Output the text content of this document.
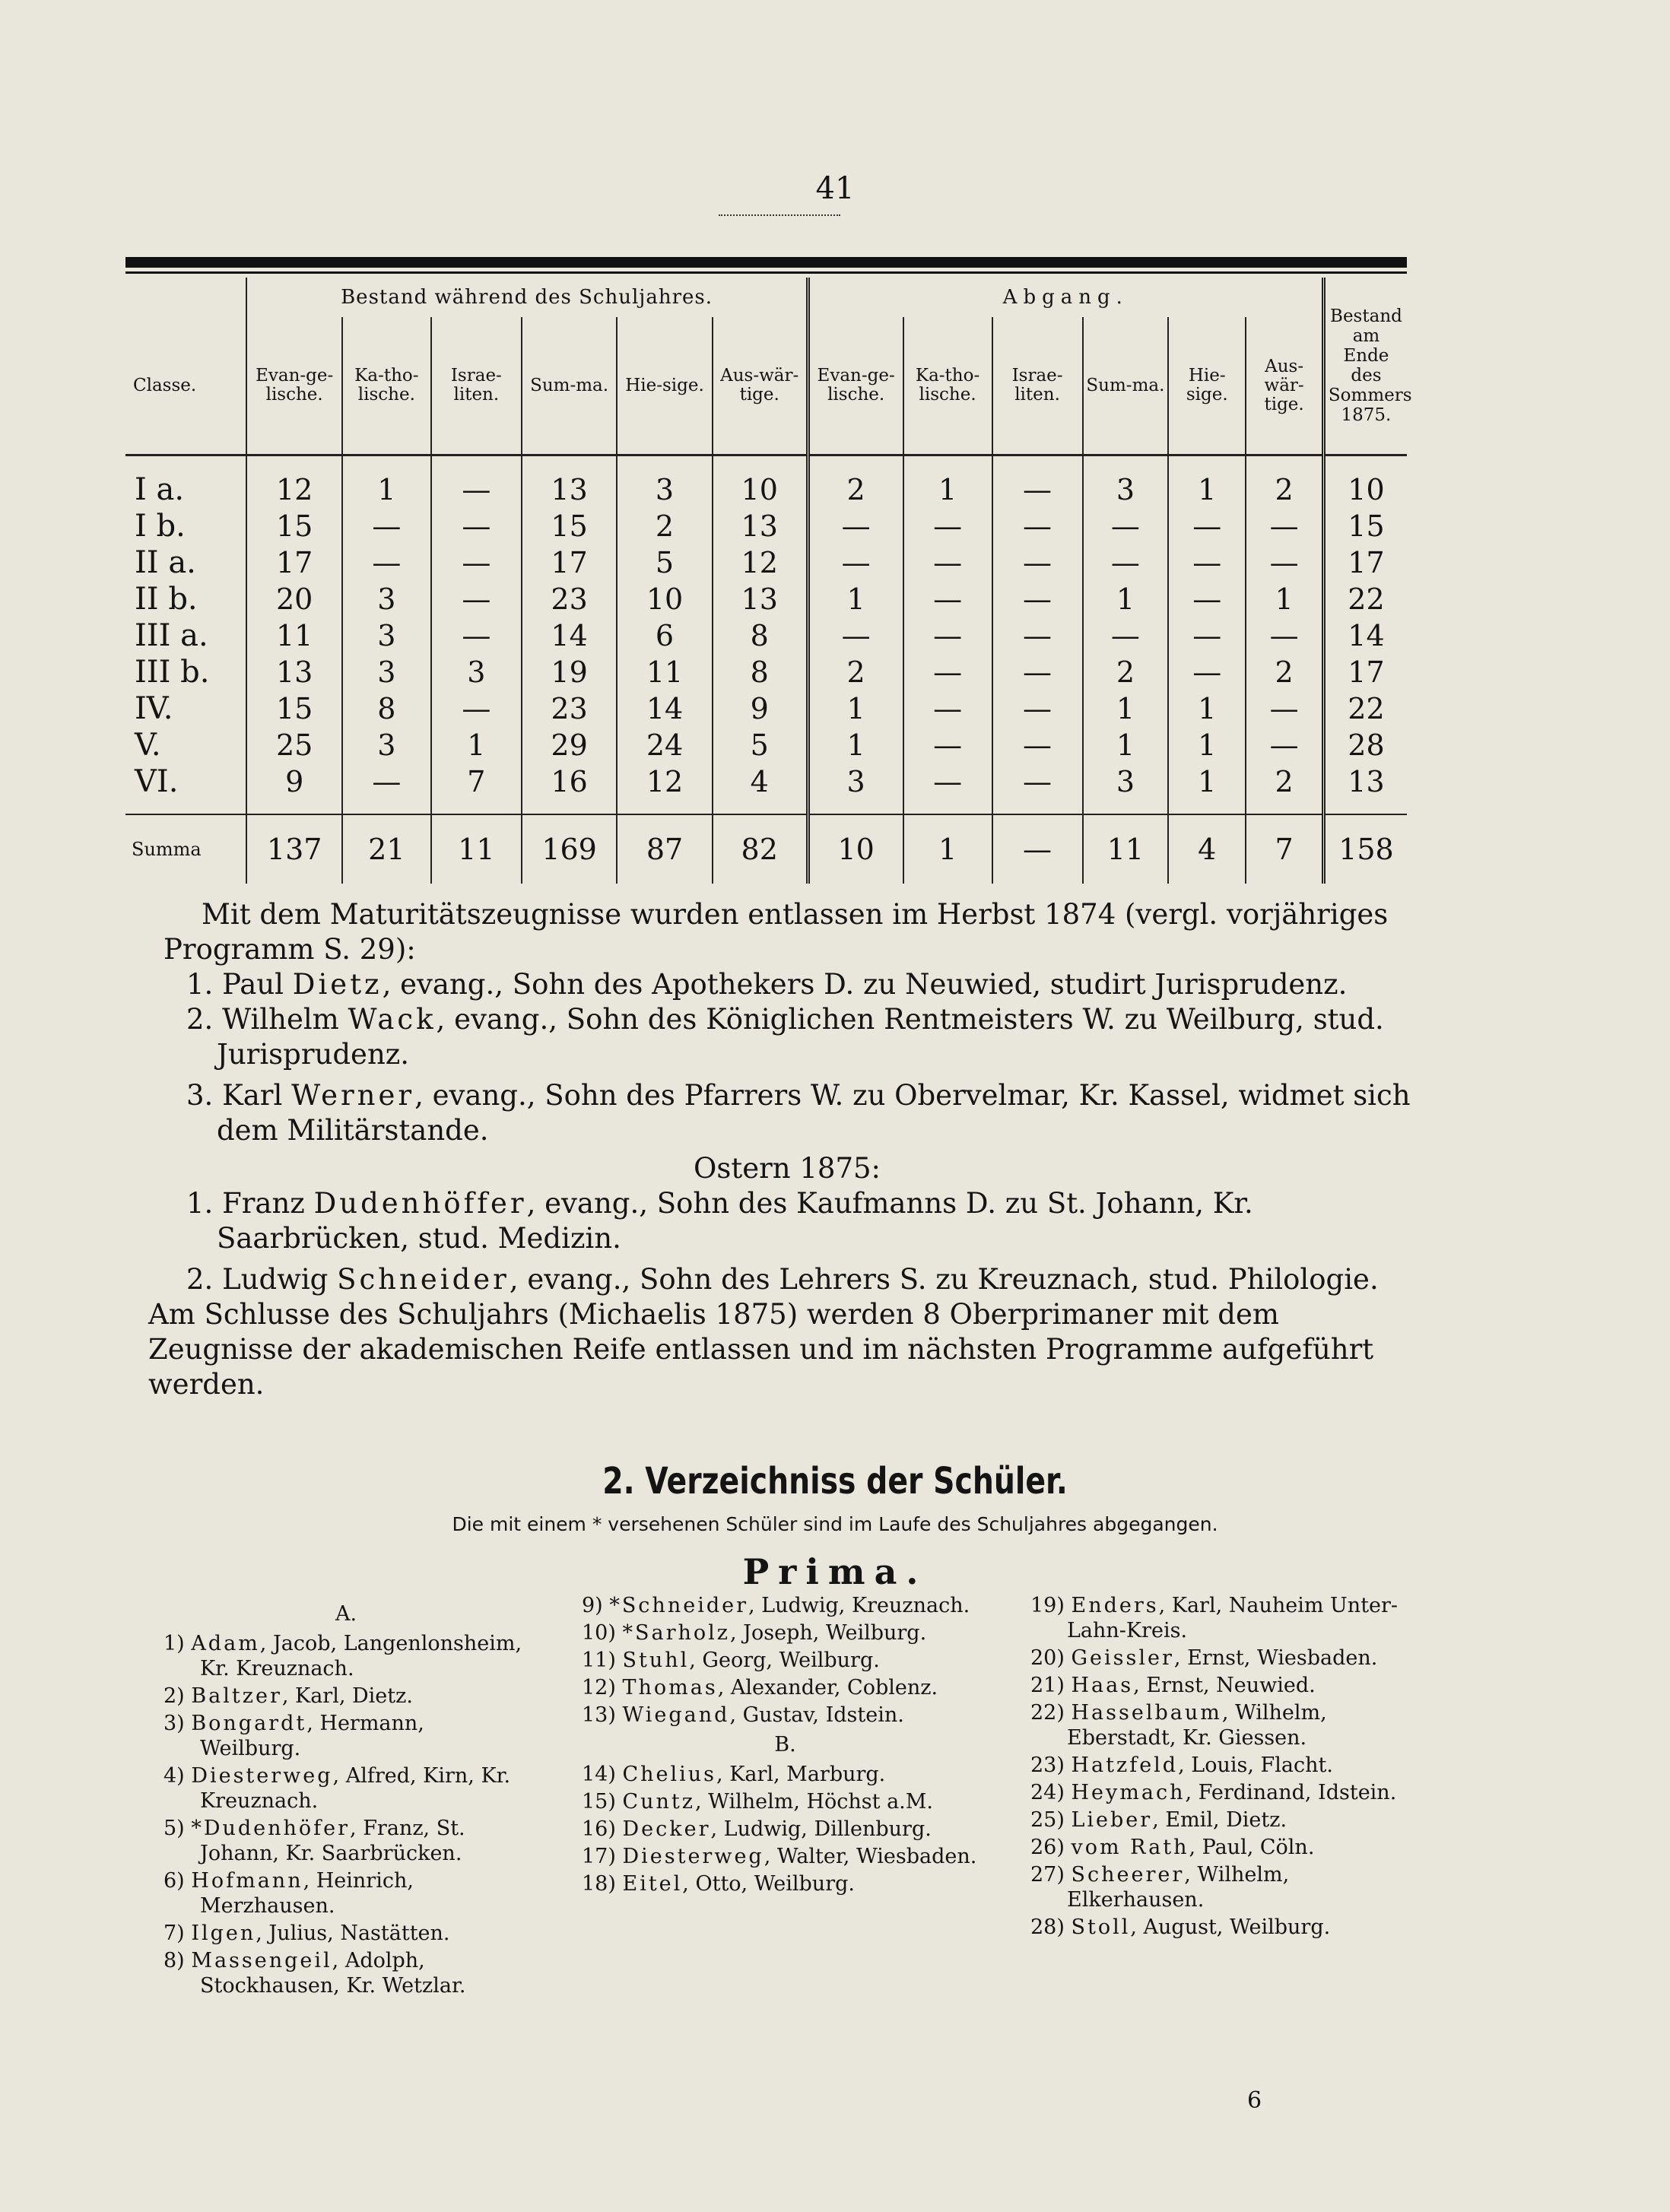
41
	Bestand während des Schuljahres.						Abgang.						Bestand am Ende des Sommers 1875.
Classe.	Evan-ge-lische.	Ka-tho-lische.	Israe-liten.	Sum-ma.	Hie-sige.	Aus-wär-tige.	Evan-ge-lische.	Ka-tho-lische.	Israe-liten.	Sum-ma.	Hie-sige.	Aus-wär-tige.	
I a.	12	1	—	13	3	10	2	1	—	3	1	2	10
I b.	15	—	—	15	2	13	—	—	—	—	—	—	15
II a.	17	—	—	17	5	12	—	—	—	—	—	—	17
II b.	20	3	—	23	10	13	1	—	—	1	—	1	22
III a.	11	3	—	14	6	8	—	—	—	—	—	—	14
III b.	13	3	3	19	11	8	2	—	—	2	—	2	17
IV.	15	8	—	23	14	9	1	—	—	1	1	—	22
V.	25	3	1	29	24	5	1	—	—	1	1	—	28
VI.	9	—	7	16	12	4	3	—	—	3	1	2	13
Summa	137	21	11	169	87	82	10	1	—	11	4	7	158

Mit dem Maturitätszeugnisse wurden entlassen im Herbst 1874 (vergl. vorjähriges Programm S. 29):

1. Paul Dietz, evang., Sohn des Apothekers D. zu Neuwied, studirt Jurisprudenz.

2. Wilhelm Wack, evang., Sohn des Königlichen Rentmeisters W. zu Weilburg, stud. Jurisprudenz.

3. Karl Werner, evang., Sohn des Pfarrers W. zu Obervelmar, Kr. Kassel, widmet sich dem Militärstande.

Ostern 1875:

1. Franz Dudenhöffer, evang., Sohn des Kaufmanns D. zu St. Johann, Kr. Saarbrücken, stud. Medizin.

2. Ludwig Schneider, evang., Sohn des Lehrers S. zu Kreuznach, stud. Philologie.

Am Schlusse des Schuljahrs (Michaelis 1875) werden 8 Oberprimaner mit dem Zeugnisse der akademischen Reife entlassen und im nächsten Programme aufgeführt werden.

2. Verzeichniss der Schüler.
Die mit einem * versehenen Schüler sind im Laufe des Schuljahres abgegangen.
Prima.
A.
1) Adam, Jacob, Langenlonsheim, Kr. Kreuznach.
2) Baltzer, Karl, Dietz.
3) Bongardt, Hermann, Weilburg.
4) Diesterweg, Alfred, Kirn, Kr. Kreuznach.
5) *Dudenhöfer, Franz, St. Johann, Kr. Saarbrücken.
6) Hofmann, Heinrich, Merzhausen.
7) Ilgen, Julius, Nastätten.
8) Massengeil, Adolph, Stockhausen, Kr. Wetzlar.
9) *Schneider, Ludwig, Kreuznach.
10) *Sarholz, Joseph, Weilburg.
11) Stuhl, Georg, Weilburg.
12) Thomas, Alexander, Coblenz.
13) Wiegand, Gustav, Idstein.
B.
14) Chelius, Karl, Marburg.
15) Cuntz, Wilhelm, Höchst a.M.
16) Decker, Ludwig, Dillenburg.
17) Diesterweg, Walter, Wiesbaden.
18) Eitel, Otto, Weilburg.
19) Enders, Karl, Nauheim Unter-Lahn-Kreis.
20) Geissler, Ernst, Wiesbaden.
21) Haas, Ernst, Neuwied.
22) Hasselbaum, Wilhelm, Eberstadt, Kr. Giessen.
23) Hatzfeld, Louis, Flacht.
24) Heymach, Ferdinand, Idstein.
25) Lieber, Emil, Dietz.
26) vom Rath, Paul, Cöln.
27) Scheerer, Wilhelm, Elkerhausen.
28) Stoll, August, Weilburg.
6
